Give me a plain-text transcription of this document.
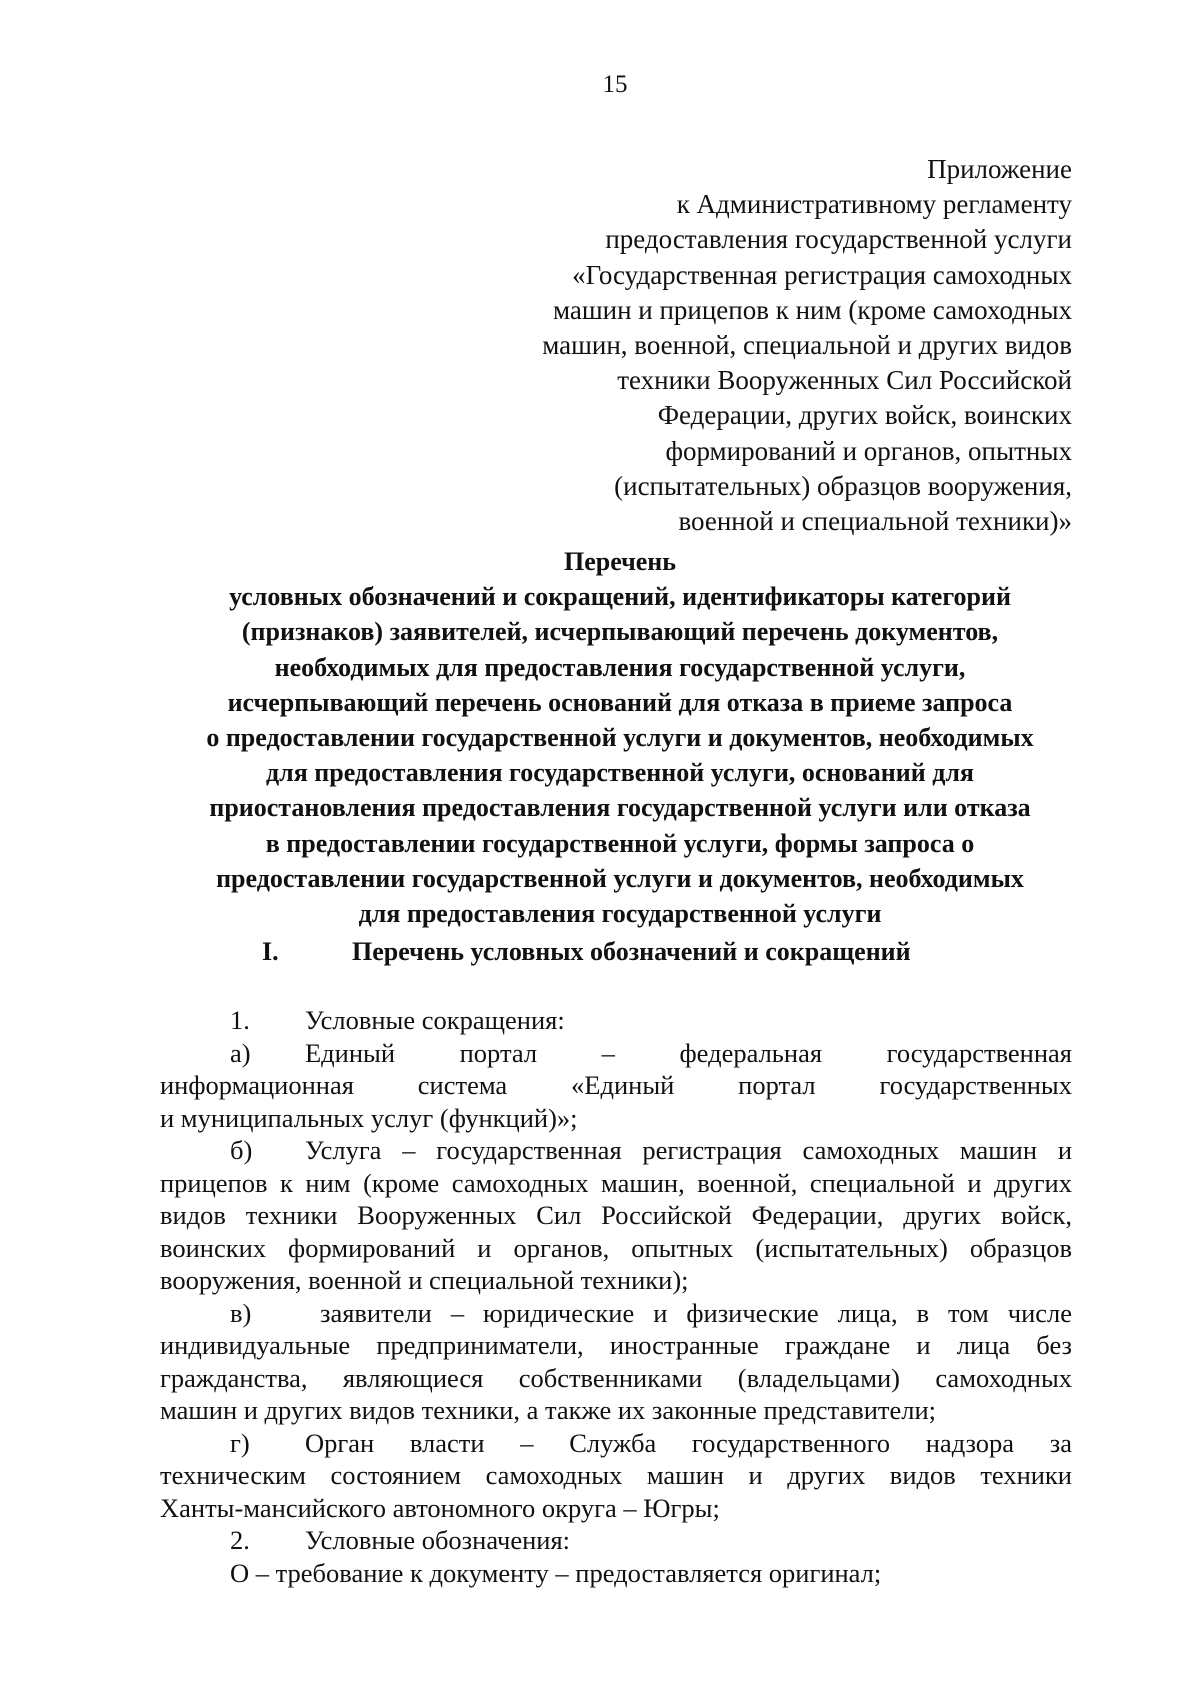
15
Приложение
к Административному регламенту
предоставления государственной услуги
«Государственная регистрация самоходных
машин и прицепов к ним (кроме самоходных
машин, военной, специальной и других видов
техники Вооруженных Сил Российской
Федерации, других войск, воинских
формирований и органов, опытных
(испытательных) образцов вооружения,
военной и специальной техники)»
Перечень
условных обозначений и сокращений, идентификаторы категорий
(признаков) заявителей, исчерпывающий перечень документов,
необходимых для предоставления государственной услуги,
исчерпывающий перечень оснований для отказа в приеме запроса
о предоставлении государственной услуги и документов, необходимых
для предоставления государственной услуги, оснований для
приостановления предоставления государственной услуги или отказа
в предоставлении государственной услуги, формы запроса о
предоставлении государственной услуги и документов, необходимых
для предоставления государственной услуги
I.	Перечень условных обозначений и сокращений
1. Условные сокращения:
а)	Единый портал – федеральная государственная
информационная система «Единый портал государственных
и муниципальных услуг (функций)»;
б)	Услуга – государственная регистрация самоходных машин и
прицепов к ним (кроме самоходных машин, военной, специальной и других
видов техники Вооруженных Сил Российской Федерации, других войск,
воинских формирований и органов, опытных (испытательных) образцов
вооружения, военной и специальной техники);
в)	заявители – юридические и физические лица, в том числе
индивидуальные предприниматели, иностранные граждане и лица без
гражданства, являющиеся собственниками (владельцами) самоходных
машин и других видов техники, а также их законные представители;
г)	Орган власти – Служба государственного надзора за
техническим состоянием самоходных машин и других видов техники
Ханты-мансийского автономного округа – Югры;
2. Условные обозначения:
О – требование к документу – предоставляется оригинал;
